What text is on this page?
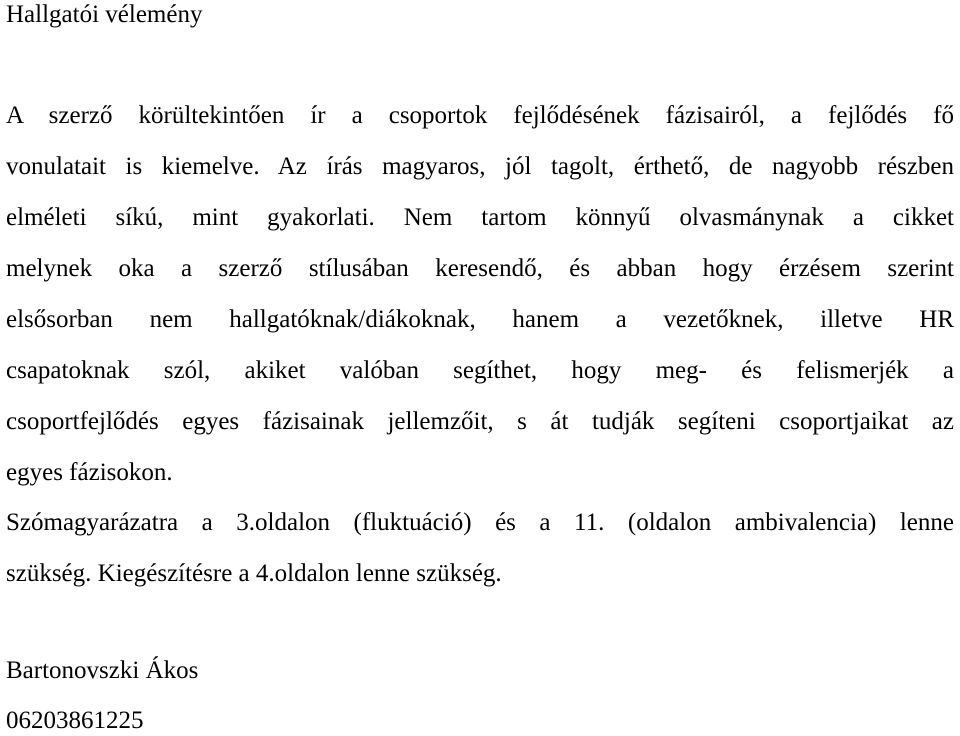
Hallgatói vélemény
A szerző körültekintően ír a csoportok fejlődésének fázisairól, a fejlődés fő
vonulatait is kiemelve. Az írás magyaros, jól tagolt, érthető, de nagyobb részben
elméleti síkú, mint gyakorlati. Nem tartom könnyű olvasmánynak a cikket
melynek oka a szerző stílusában keresendő, és abban hogy érzésem szerint
elsősorban nem hallgatóknak/diákoknak, hanem a vezetőknek, illetve HR
csapatoknak szól, akiket valóban segíthet, hogy meg- és felismerjék a
csoportfejlődés egyes fázisainak jellemzőit, s át tudják segíteni csoportjaikat az
egyes fázisokon.
Szómagyarázatra a 3.oldalon (fluktuáció) és a 11. (oldalon ambivalencia) lenne
szükség. Kiegészítésre a 4.oldalon lenne szükség.
Bartonovszki Ákos
06203861225
